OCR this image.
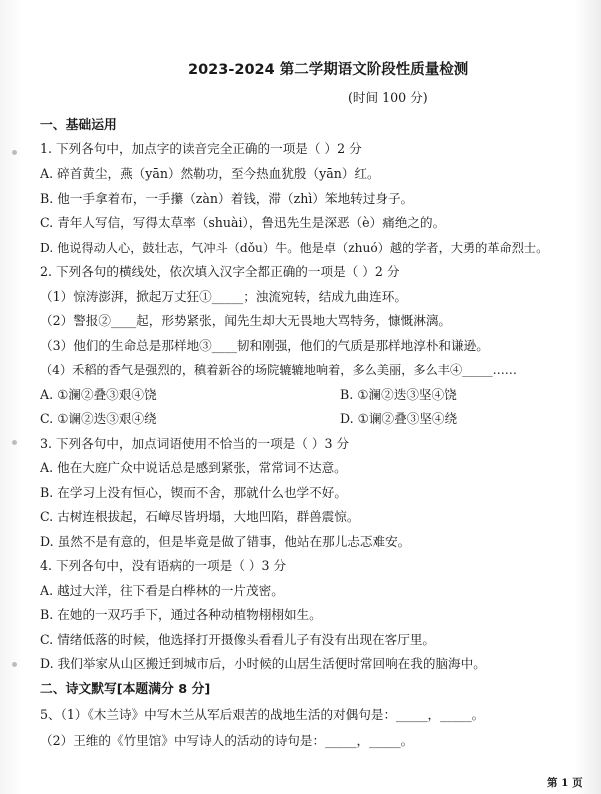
2023-2024 第二学期语文阶段性质量检测
(时间 100 分)
一、基础运用
1. 下列各句中，加点字的读音完全正确的一项是（ ）2 分
A. 碎首黄尘，燕（yān）然勒功，至今热血犹殷（yān）红。
B. 他一手拿着布，一手攥（zàn）着钱，滞（zhì）笨地转过身子。
C. 青年人写信，写得太草率（shuài），鲁迅先生是深恶（è）痛绝之的。
D. 他说得动人心，鼓壮志，气冲斗（dǒu）牛。他是卓（zhuó）越的学者，大勇的革命烈士。
2. 下列各句的横线处，依次填入汉字全都正确的一项是（ ）2 分
（1）惊涛澎湃，掀起万丈狂①_____；浊流宛转，结成九曲连环。
（2）警报②____起，形势紧张，闻先生却大无畏地大骂特务，慷慨淋漓。
（3）他们的生命总是那样地③____韧和刚强，他们的气质是那样地淳朴和谦逊。
（4）禾稻的香气是强烈的，稹着新谷的场院辘辘地响着，多么美丽，多么丰④_____……
A. ①澜②叠③艰④饶	B. ①澜②迭③坚④饶
C. ①谰②迭③艰④绕	D. ①谰②叠③坚④绕
3. 下列各句中，加点词语使用不恰当的一项是（ ）3 分
A. 他在大庭广众中说话总是感到紧张，常常词不达意。
B. 在学习上没有恒心，锲而不舍，那就什么也学不好。
C. 古树连根拔起，石嶂尽皆坍塌，大地凹陷，群兽震惊。
D. 虽然不是有意的，但是毕竟是做了错事，他站在那儿忐忑难安。
4. 下列各句中，没有语病的一项是（ ）3 分
A. 越过大洋，往下看是白桦林的一片茂密。
B. 在她的一双巧手下，通过各种动植物栩栩如生。
C. 情绪低落的时候，他选择打开摄像头看看儿子有没有出现在客厅里。
D. 我们举家从山区搬迁到城市后，小时候的山居生活便时常回响在我的脑海中。
二、诗文默写[本题满分 8 分]
5、（1）《木兰诗》中写木兰从军后艰苦的战地生活的对偶句是：_____，_____。
（2）王维的《竹里馆》中写诗人的活动的诗句是：_____，_____。
第 1 页
